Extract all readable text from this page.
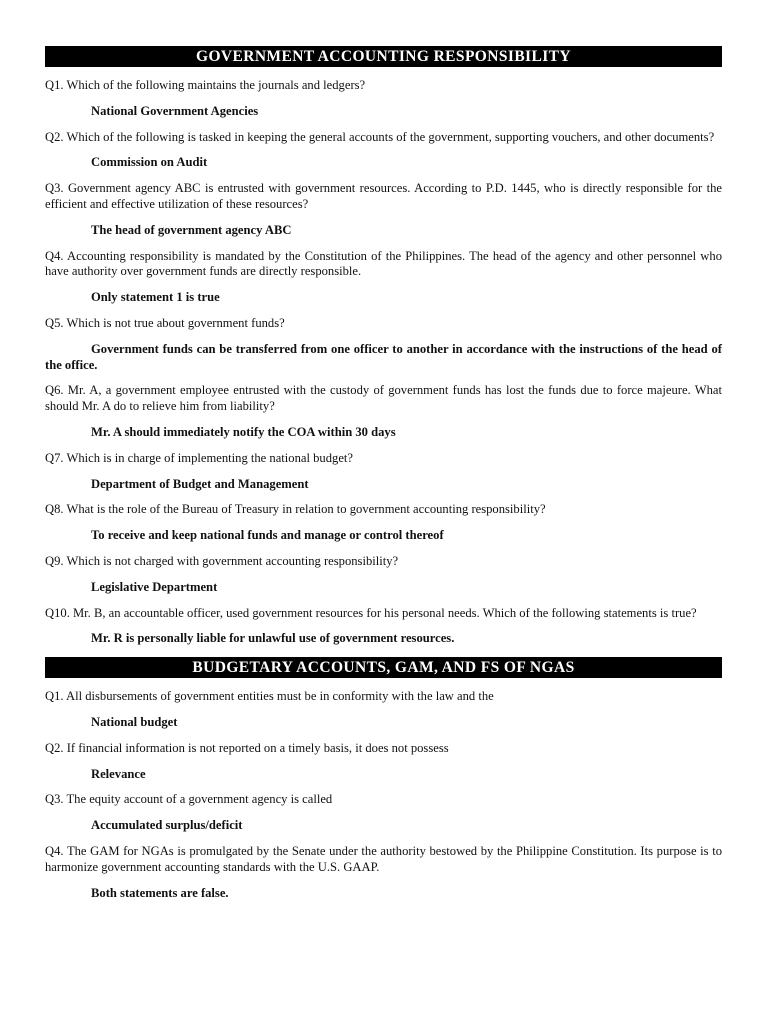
GOVERNMENT ACCOUNTING RESPONSIBILITY

Q1. Which of the following maintains the journals and ledgers?

National Government Agencies

Q2. Which of the following is tasked in keeping the general accounts of the government, supporting vouchers, and other documents?

Commission on Audit

Q3. Government agency ABC is entrusted with government resources. According to P.D. 1445, who is directly responsible for the efficient and effective utilization of these resources?

The head of government agency ABC

Q4. Accounting responsibility is mandated by the Constitution of the Philippines. The head of the agency and other personnel who have authority over government funds are directly responsible.

Only statement 1 is true

Q5. Which is not true about government funds?

Government funds can be transferred from one officer to another in accordance with the instructions of the head of the office.

Q6. Mr. A, a government employee entrusted with the custody of government funds has lost the funds due to force majeure. What should Mr. A do to relieve him from liability?

Mr. A should immediately notify the COA within 30 days

Q7. Which is in charge of implementing the national budget?

Department of Budget and Management

Q8. What is the role of the Bureau of Treasury in relation to government accounting responsibility?

To receive and keep national funds and manage or control thereof

Q9. Which is not charged with government accounting responsibility?

Legislative Department

Q10. Mr. B, an accountable officer, used government resources for his personal needs. Which of the following statements is true?

Mr. R is personally liable for unlawful use of government resources.

BUDGETARY ACCOUNTS, GAM, AND FS OF NGAS

Q1. All disbursements of government entities must be in conformity with the law and the

National budget

Q2. If financial information is not reported on a timely basis, it does not possess

Relevance

Q3. The equity account of a government agency is called

Accumulated surplus/deficit

Q4. The GAM for NGAs is promulgated by the Senate under the authority bestowed by the Philippine Constitution. Its purpose is to harmonize government accounting standards with the U.S. GAAP.

Both statements are false.
